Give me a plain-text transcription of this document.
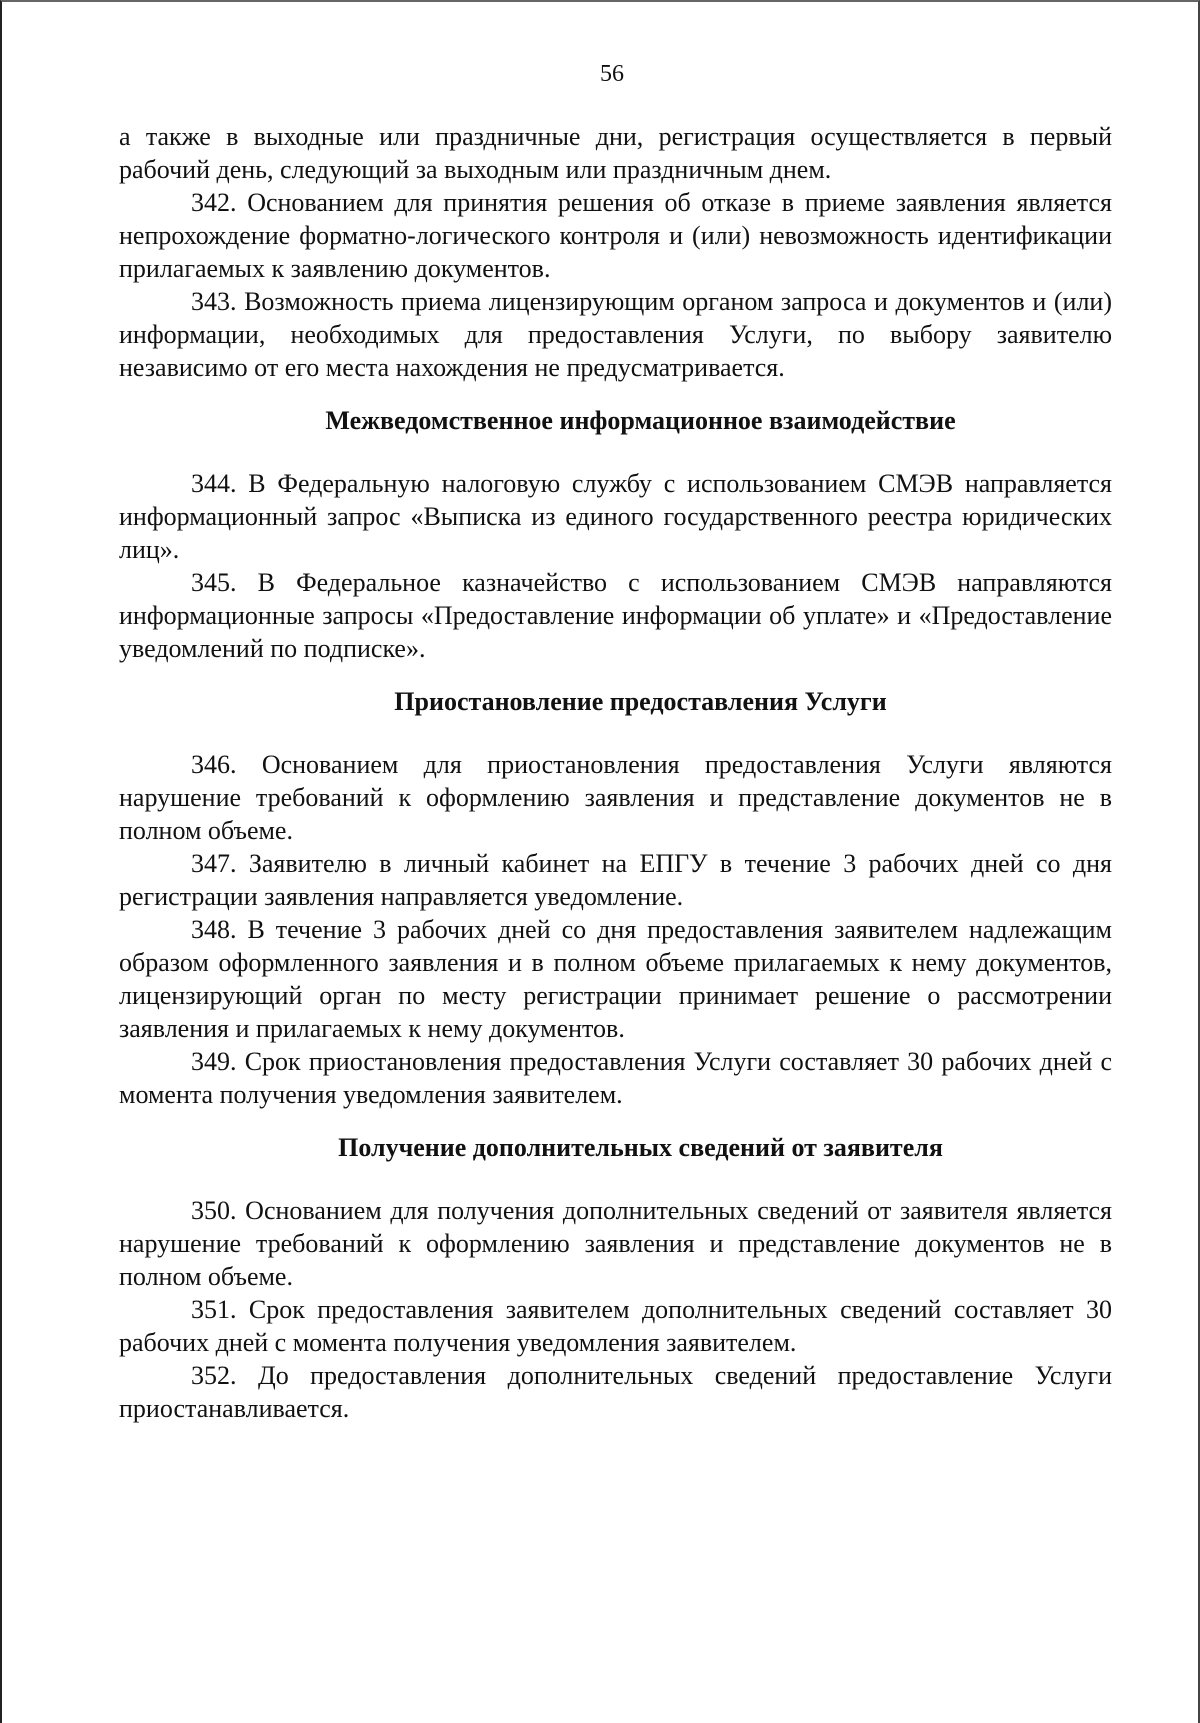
56

а также в выходные или праздничные дни, регистрация осуществляется в первый рабочий день, следующий за выходным или праздничным днем.

342. Основанием для принятия решения об отказе в приеме заявления является непрохождение форматно-логического контроля и (или) невозможность идентификации прилагаемых к заявлению документов.

343. Возможность приема лицензирующим органом запроса и документов и (или) информации, необходимых для предоставления Услуги, по выбору заявителю независимо от его места нахождения не предусматривается.

Межведомственное информационное взаимодействие

344. В Федеральную налоговую службу с использованием СМЭВ направляется информационный запрос «Выписка из единого государственного реестра юридических лиц».

345. В Федеральное казначейство с использованием СМЭВ направляются информационные запросы «Предоставление информации об уплате» и «Предоставление уведомлений по подписке».

Приостановление предоставления Услуги

346. Основанием для приостановления предоставления Услуги являются нарушение требований к оформлению заявления и представление документов не в полном объеме.

347. Заявителю в личный кабинет на ЕПГУ в течение 3 рабочих дней со дня регистрации заявления направляется уведомление.

348. В течение 3 рабочих дней со дня предоставления заявителем надлежащим образом оформленного заявления и в полном объеме прилагаемых к нему документов, лицензирующий орган по месту регистрации принимает решение о рассмотрении заявления и прилагаемых к нему документов.

349. Срок приостановления предоставления Услуги составляет 30 рабочих дней с момента получения уведомления заявителем.

Получение дополнительных сведений от заявителя

350. Основанием для получения дополнительных сведений от заявителя является нарушение требований к оформлению заявления и представление документов не в полном объеме.

351. Срок предоставления заявителем дополнительных сведений составляет 30 рабочих дней с момента получения уведомления заявителем.

352. До предоставления дополнительных сведений предоставление Услуги приостанавливается.
